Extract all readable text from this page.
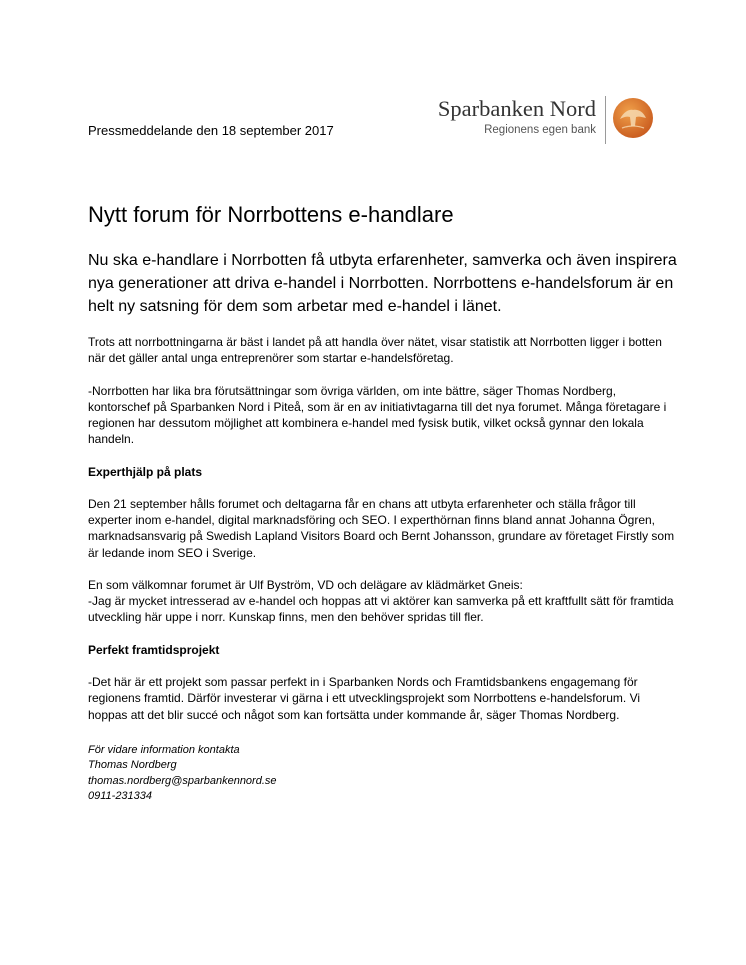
Pressmeddelande den 18 september 2017
Sparbanken Nord
Regionens egen bank
Nytt forum för Norrbottens e-handlare

Nu ska e-handlare i Norrbotten få utbyta erfarenheter, samverka och även inspirera nya generationer att driva e-handel i Norrbotten. Norrbottens e-handelsforum är en helt ny satsning för dem som arbetar med e-handel i länet.

Trots att norrbottningarna är bäst i landet på att handla över nätet, visar statistik att Norrbotten ligger i botten när det gäller antal unga entreprenörer som startar e-handelsföretag.

-Norrbotten har lika bra förutsättningar som övriga världen, om inte bättre, säger Thomas Nordberg, kontorschef på Sparbanken Nord i Piteå, som är en av initiativtagarna till det nya forumet. Många företagare i regionen har dessutom möjlighet att kombinera e-handel med fysisk butik, vilket också gynnar den lokala handeln.

Experthjälp på plats

Den 21 september hålls forumet och deltagarna får en chans att utbyta erfarenheter och ställa frågor till experter inom e-handel, digital marknadsföring och SEO. I experthörnan finns bland annat Johanna Ögren, marknadsansvarig på Swedish Lapland Visitors Board och Bernt Johansson, grundare av företaget Firstly som är ledande inom SEO i Sverige.

En som välkomnar forumet är Ulf Byström, VD och delägare av klädmärket Gneis:
-Jag är mycket intresserad av e-handel och hoppas att vi aktörer kan samverka på ett kraftfullt sätt för framtida utveckling här uppe i norr. Kunskap finns, men den behöver spridas till fler.

Perfekt framtidsprojekt

-Det här är ett projekt som passar perfekt in i Sparbanken Nords och Framtidsbankens engagemang för regionens framtid. Därför investerar vi gärna i ett utvecklingsprojekt som Norrbottens e-handelsforum. Vi hoppas att det blir succé och något som kan fortsätta under kommande år, säger Thomas Nordberg.

För vidare information kontakta
Thomas Nordberg
thomas.nordberg@sparbankennord.se
0911-231334
